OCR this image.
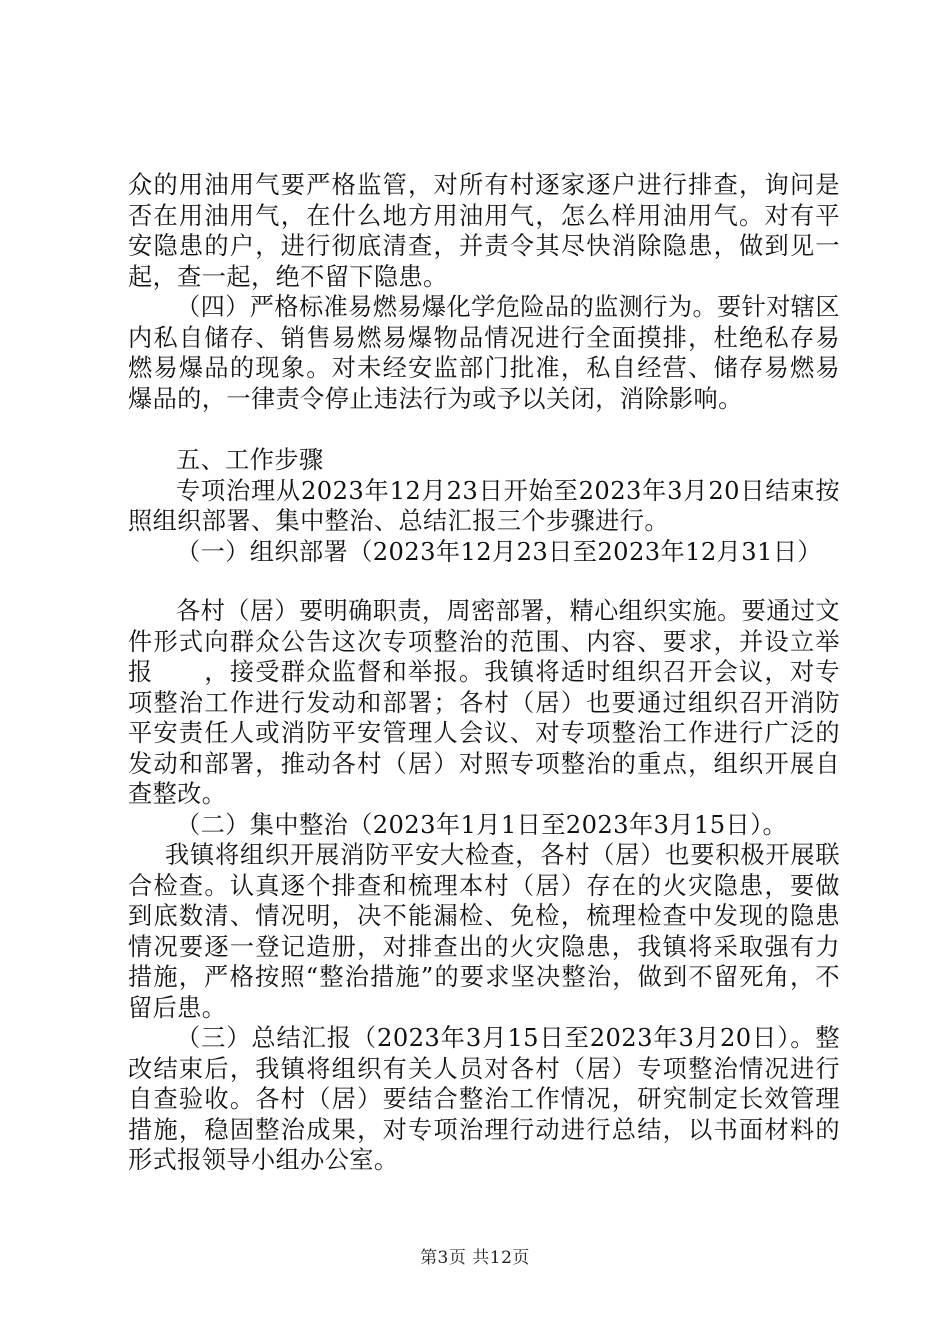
众的用油用气要严格监管，对所有村逐家逐户进行排查，询问是否在用油用气，在什么地方用油用气，怎么样用油用气。对有平安隐患的户，进行彻底清查，并责令其尽快消除隐患，做到见一起，查一起，绝不留下隐患。

（四）严格标准易燃易爆化学危险品的监测行为。要针对辖区内私自储存、销售易燃易爆物品情况进行全面摸排，杜绝私存易燃易爆品的现象。对未经安监部门批准，私自经营、储存易燃易爆品的，一律责令停止违法行为或予以关闭，消除影响。

五、工作步骤

专项治理从2023年12月23日开始至2023年3月20日结束按照组织部署、集中整治、总结汇报三个步骤进行。

（一）组织部署（2023年12月23日至2023年12月31日）

各村（居）要明确职责，周密部署，精心组织实施。要通过文件形式向群众公告这次专项整治的范围、内容、要求，并设立举报　　，接受群众监督和举报。我镇将适时组织召开会议，对专项整治工作进行发动和部署；各村（居）也要通过组织召开消防平安责任人或消防平安管理人会议、对专项整治工作进行广泛的发动和部署，推动各村（居）对照专项整治的重点，组织开展自查整改。

（二）集中整治（2023年1月1日至2023年3月15日）。

我镇将组织开展消防平安大检查，各村（居）也要积极开展联合检查。认真逐个排查和梳理本村（居）存在的火灾隐患，要做到底数清、情况明，决不能漏检、免检，梳理检查中发现的隐患情况要逐一登记造册，对排查出的火灾隐患，我镇将采取强有力措施，严格按照“整治措施”的要求坚决整治，做到不留死角，不留后患。

（三）总结汇报（2023年3月15日至2023年3月20日）。整改结束后，我镇将组织有关人员对各村（居）专项整治情况进行自查验收。各村（居）要结合整治工作情况，研究制定长效管理措施，稳固整治成果，对专项治理行动进行总结，以书面材料的形式报领导小组办公室。

第3页 共12页
